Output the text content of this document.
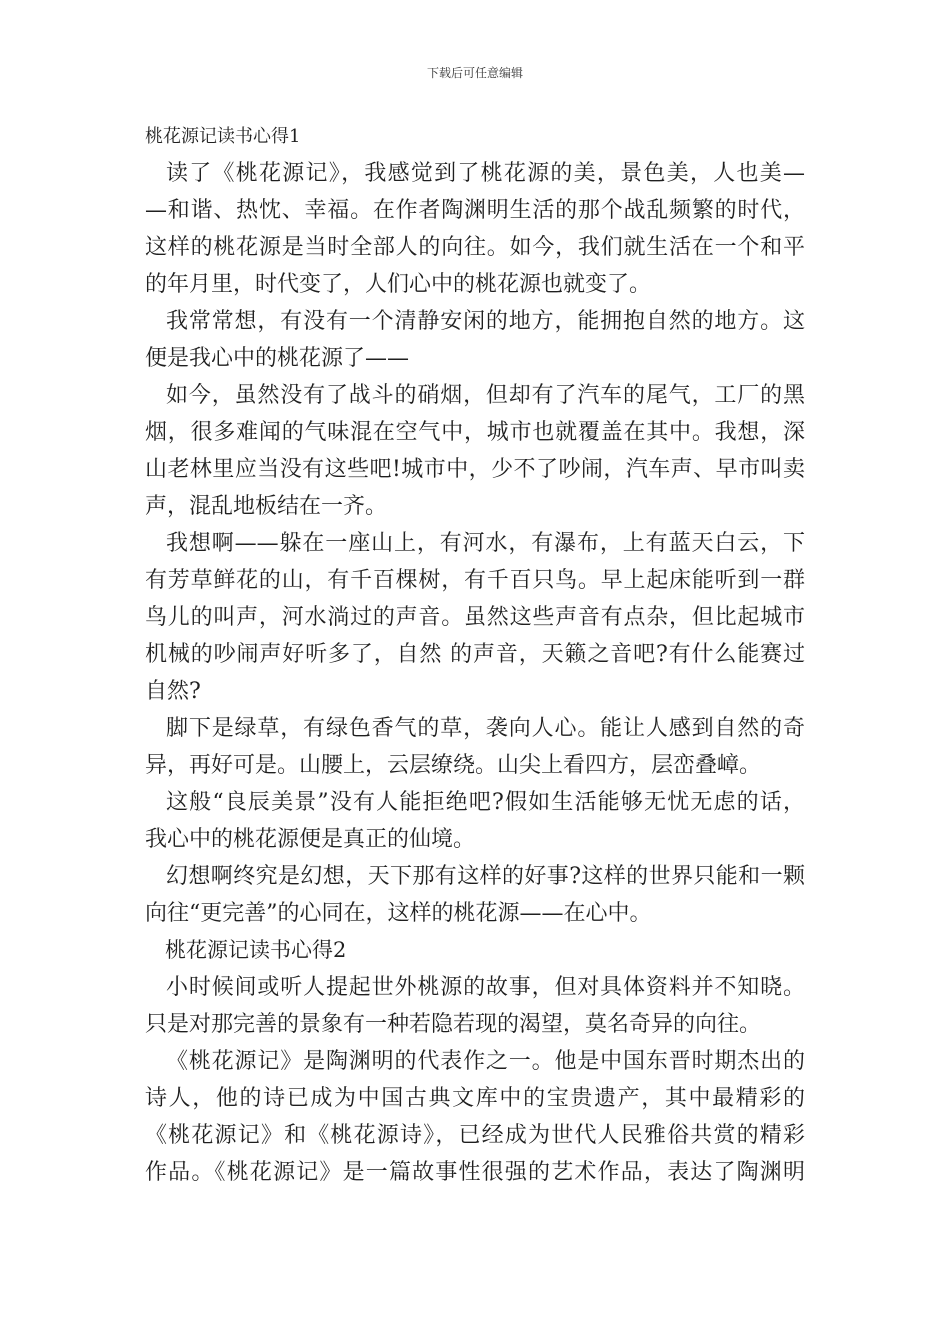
下载后可任意编辑
桃花源记读书心得1
读了《桃花源记》，我感觉到了桃花源的美，景色美，人也美—
—和谐、热忱、幸福。在作者陶渊明生活的那个战乱频繁的时代，
这样的桃花源是当时全部人的向往。如今，我们就生活在一个和平
的年月里，时代变了，人们心中的桃花源也就变了。
我常常想，有没有一个清静安闲的地方，能拥抱自然的地方。这
便是我心中的桃花源了——
如今，虽然没有了战斗的硝烟，但却有了汽车的尾气，工厂的黑
烟，很多难闻的气味混在空气中，城市也就覆盖在其中。我想，深
山老林里应当没有这些吧!城市中，少不了吵闹，汽车声、早市叫卖
声，混乱地板结在一齐。
我想啊——躲在一座山上，有河水，有瀑布，上有蓝天白云，下
有芳草鲜花的山，有千百棵树，有千百只鸟。早上起床能听到一群
鸟儿的叫声，河水淌过的声音。虽然这些声音有点杂，但比起城市
机械的吵闹声好听多了，自然 的声音，天籁之音吧?有什么能赛过
自然?
脚下是绿草，有绿色香气的草，袭向人心。能让人感到自然的奇
异，再好可是。山腰上，云层缭绕。山尖上看四方，层峦叠嶂。
这般“良辰美景”没有人能拒绝吧?假如生活能够无忧无虑的话，
我心中的桃花源便是真正的仙境。
幻想啊终究是幻想，天下那有这样的好事?这样的世界只能和一颗
向往“更完善”的心同在，这样的桃花源——在心中。
桃花源记读书心得2
小时候间或听人提起世外桃源的故事，但对具体资料并不知晓。
只是对那完善的景象有一种若隐若现的渴望，莫名奇异的向往。
《桃花源记》是陶渊明的代表作之一。他是中国东晋时期杰出的
诗人，他的诗已成为中国古典文库中的宝贵遗产，其中最精彩的
《桃花源记》和《桃花源诗》，已经成为世代人民雅俗共赏的精彩
作品。《桃花源记》是一篇故事性很强的艺术作品，表达了陶渊明
